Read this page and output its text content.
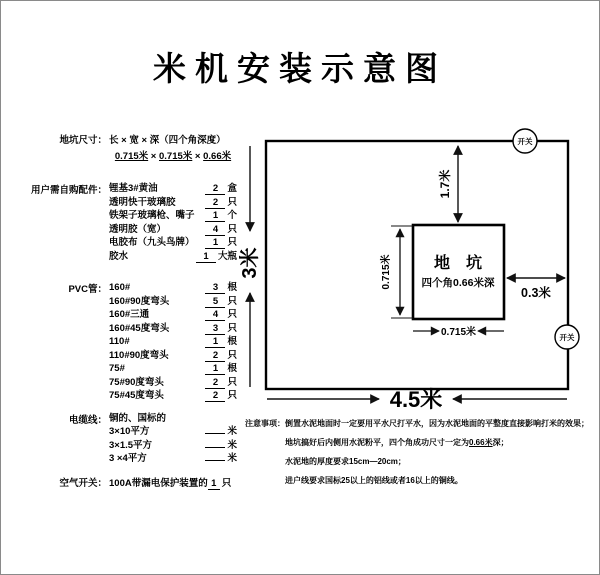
米机安装示意图
地坑尺寸： 长 × 宽 × 深（四个角深度）
0.715米 × 0.715米 × 0.66米
用户需自购配件： 锂基3#黄油	2 盒
透明快干玻璃胶	2 只
铁架子玻璃枪、嘴子	1 个
透明胶（宽）	4 只
电胶布（九头鸟牌）	1 只
胶水	1 大瓶
PVC管： 160#	3 根
160#90度弯头	5 只
160#三通	4 只
160#45度弯头	3 只
110#	1 根
110#90度弯头	2 只
75#	1 根
75#90度弯头	2 只
75#45度弯头	2 只
电缆线： 铜的、国标的
3×10平方	米
3×1.5平方	米
3 ×4平方	米
空气开关： 100A带漏电保护装置的 1 只
3米
4.5米
1.7米
地　坑
四个角0.66米深
0.715米
0.715米
0.3米
开关
开关
注意事项： 倒置水泥地面时一定要用平水尺打平水，因为水泥地面的平整度直接影响打米的效果；
地坑搞好后内侧用水泥粉平，四个角成功尺寸一定为0.66米深；
水泥地的厚度要求15cm—20cm；
进户线要求国标25以上的铝线或者16以上的铜线。
